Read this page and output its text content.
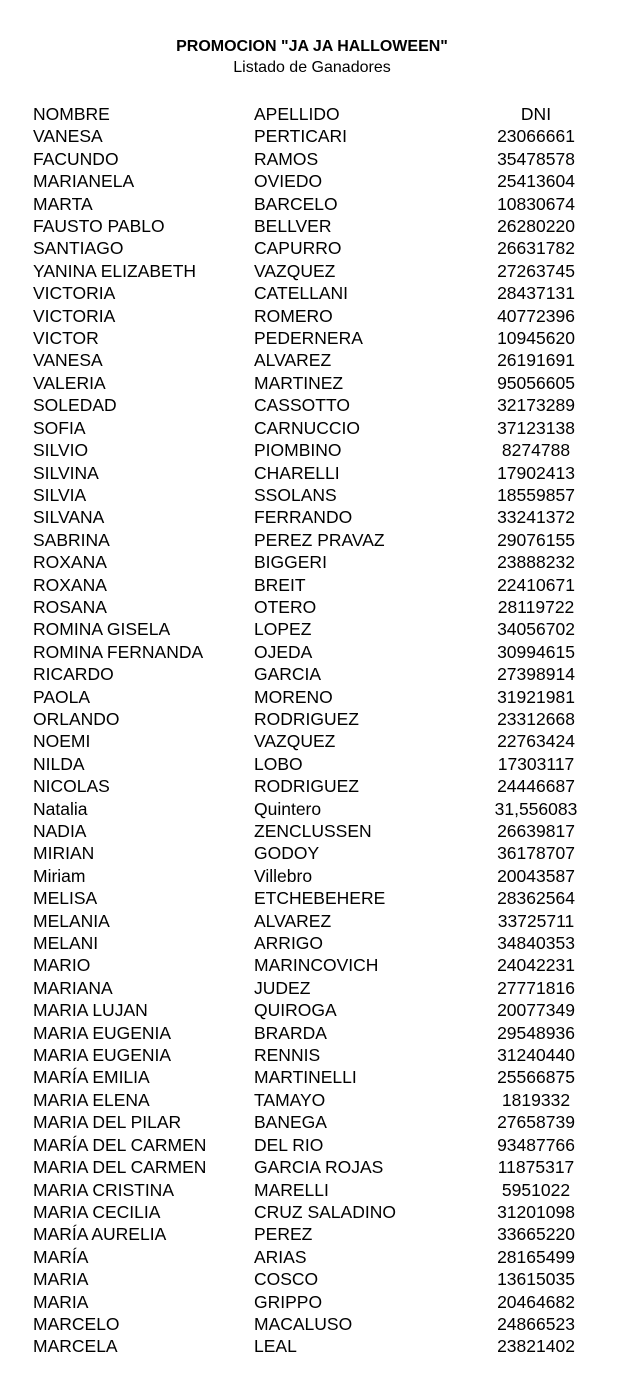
PROMOCION "JA JA HALLOWEEN"
Listado de Ganadores
NOMBRE	APELLIDO	DNI
VANESA	PERTICARI	23066661
FACUNDO	RAMOS	35478578
MARIANELA	OVIEDO	25413604
MARTA	BARCELO	10830674
FAUSTO PABLO	BELLVER	26280220
SANTIAGO	CAPURRO	26631782
YANINA ELIZABETH	VAZQUEZ	27263745
VICTORIA	CATELLANI	28437131
VICTORIA	ROMERO	40772396
VICTOR	PEDERNERA	10945620
VANESA	ALVAREZ	26191691
VALERIA	MARTINEZ	95056605
SOLEDAD	CASSOTTO	32173289
SOFIA	CARNUCCIO	37123138
SILVIO	PIOMBINO	8274788
SILVINA	CHARELLI	17902413
SILVIA	SSOLANS	18559857
SILVANA	FERRANDO	33241372
SABRINA	PEREZ PRAVAZ	29076155
ROXANA	BIGGERI	23888232
ROXANA	BREIT	22410671
ROSANA	OTERO	28119722
ROMINA GISELA	LOPEZ	34056702
ROMINA FERNANDA	OJEDA	30994615
RICARDO	GARCIA	27398914
PAOLA	MORENO	31921981
ORLANDO	RODRIGUEZ	23312668
NOEMI	VAZQUEZ	22763424
NILDA	LOBO	17303117
NICOLAS	RODRIGUEZ	24446687
Natalia	Quintero	31,556083
NADIA	ZENCLUSSEN	26639817
MIRIAN	GODOY	36178707
Miriam	Villebro	20043587
MELISA	ETCHEBEHERE	28362564
MELANIA	ALVAREZ	33725711
MELANI	ARRIGO	34840353
MARIO	MARINCOVICH	24042231
MARIANA	JUDEZ	27771816
MARIA LUJAN	QUIROGA	20077349
MARIA EUGENIA	BRARDA	29548936
MARIA EUGENIA	RENNIS	31240440
MARÍA EMILIA	MARTINELLI	25566875
MARIA ELENA	TAMAYO	1819332
MARIA DEL PILAR	BANEGA	27658739
MARÍA DEL CARMEN	DEL RIO	93487766
MARIA DEL CARMEN	GARCIA ROJAS	11875317
MARIA CRISTINA	MARELLI	5951022
MARIA CECILIA	CRUZ SALADINO	31201098
MARÍA AURELIA	PEREZ	33665220
MARÍA	ARIAS	28165499
MARIA	COSCO	13615035
MARIA	GRIPPO	20464682
MARCELO	MACALUSO	24866523
MARCELA	LEAL	23821402
